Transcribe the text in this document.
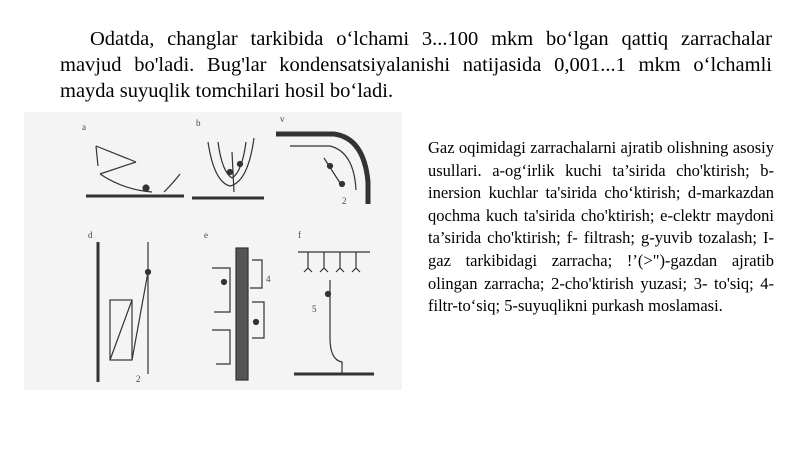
Odatda, changlar tarkibida oʻlchami 3...100 mkm boʻlgan qattiq zarrachalar mavjud bo'ladi. Bug'lar kondensatsiyalanishi natijasida 0,001...1 mkm oʻlchamli mayda suyuqlik tomchilari hosil boʻladi.

a	b	v
2
d
2
e
4
f
5

Gaz oqimidagi zarrachalarni ajratib olishning asosiy usullari. a-ogʻirlik kuchi ta’sirida cho'ktirish; b-inersion kuchlar ta'sirida cho‘ktirish; d-markazdan qochma kuch ta'sirida cho'ktirish; e-clektr maydoni ta’sirida cho'ktirish; f- filtrash; g-yuvib tozalash; I-gaz tarkibidagi zarracha; !’(>")-gazdan ajratib olingan zarracha; 2-cho'ktirish yuzasi; 3- to'siq; 4-filtr-toʻsiq; 5-suyuqlikni purkash moslamasi.
